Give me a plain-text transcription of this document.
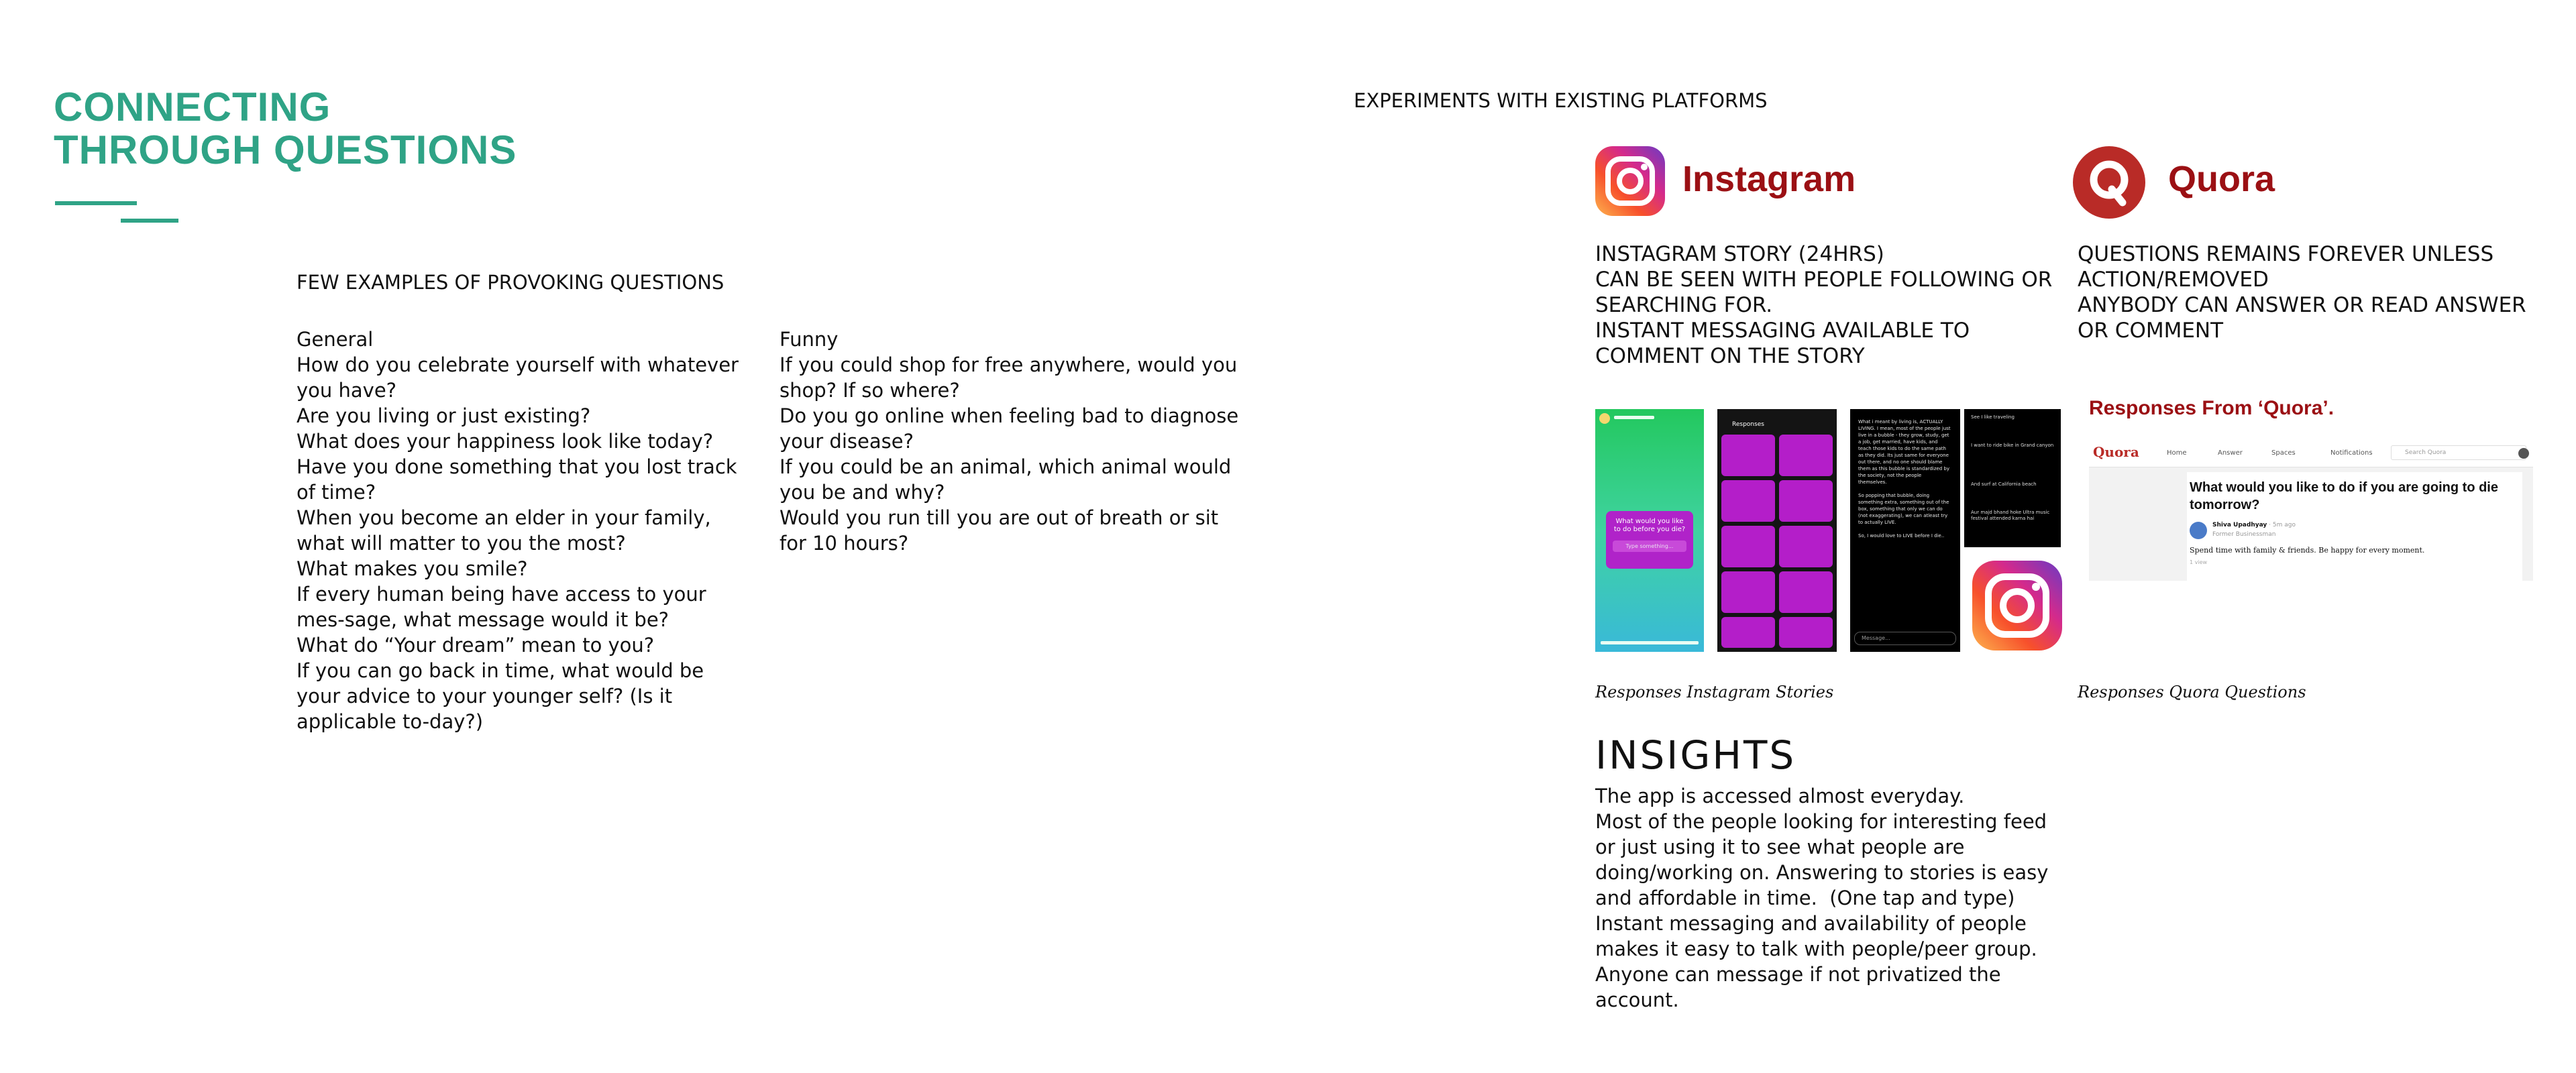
CONNECTING
THROUGH QUESTIONS
FEW EXAMPLES OF PROVOKING QUESTIONS
General
How do you celebrate yourself with whatever you have?
Are you living or just existing?
What does your happiness look like today?
Have you done something that you lost track of time?
When you become an elder in your family, what will matter to you the most?
What makes you smile?
If every human being have access to your mes-sage, what message would it be?
What do “Your dream” mean to you?
If you can go back in time, what would be your advice to your younger self? (Is it applicable to-day?)
Funny
If you could shop for free anywhere, would you shop? If so where?
Do you go online when feeling bad to diagnose your disease?
If you could be an animal, which animal would you be and why?
Would you run till you are out of breath or sit for 10 hours?
EXPERIMENTS WITH EXISTING PLATFORMS
Instagram	Quora
INSTAGRAM STORY (24HRS)
CAN BE SEEN WITH PEOPLE FOLLOWING OR SEARCHING FOR.
INSTANT MESSAGING AVAILABLE TO COMMENT ON THE STORY
QUESTIONS REMAINS FOREVER UNLESS ACTION/REMOVED
ANYBODY CAN ANSWER OR READ ANSWER OR COMMENT
What would you like to do before you die?
Type something...
Responses	What i meant by living is, ACTUALLY LIVING. I mean, most of the people just live in a bubble - they grow, study, get a job, get married, have kids, and teach those kids to do the same path as they did. Its just same for everyone out there, and no one should blame them as this bubble is standardized by the society, not the people themselves.

So popping that bubble, doing something extra, something out of the box, something that only we can do (not exaggerating), we can atleast try to actually LIVE.

So, I would love to LIVE before I die..
Message...
See I like traveling
I want to ride bike in Grand canyon
And surf at California beach
Aur majd bhand hoke Ultra music festival attended karna hai
Responses Instagram Stories
Responses From ‘Quora’.
Quora	Home	Answer	Spaces	Notifications	Search Quora
What would you like to do if you are going to die tomorrow?
Shiva Upadhyay · 5m ago
Former Businessman
Spend time with family & friends. Be happy for every moment.
1 view
Responses Quora Questions
INSIGHTS
The app is accessed almost everyday.
Most of the people looking for interesting feed or just using it to see what people are doing/working on. Answering to stories is easy and affordable in time.  (One tap and type) Instant messaging and availability of people makes it easy to talk with people/peer group. Anyone can message if not privatized the account.
